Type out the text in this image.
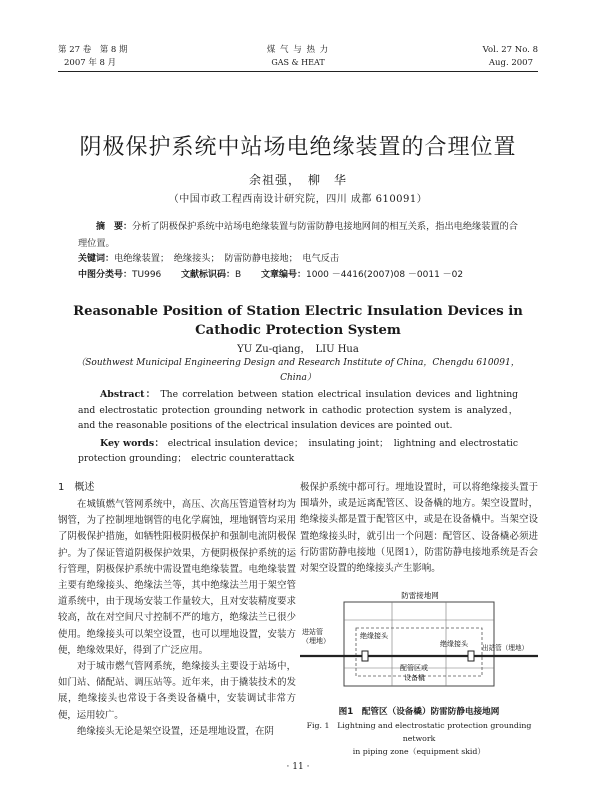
第 27 卷　第 8 期
2007 年 8 月
煤 气 与 热 力
GAS & HEAT
Vol. 27 No. 8
Aug. 2007
阴极保护系统中站场电绝缘装置的合理位置
余祖强，　柳　华
（中国市政工程西南设计研究院，四川 成都 610091）
摘　要：分析了阴极保护系统中站场电绝缘装置与防雷防静电接地网间的相互关系，指出电绝缘装置的合理位置。
关键词：电绝缘装置；　绝缘接头；　防雷防静电接地；　电气反击
中图分类号：TU996 文献标识码：B 文章编号：1000 －4416(2007)08 －0011 －02
Reasonable Position of Station Electric Insulation Devices in
Cathodic Protection System
YU Zu-qiang，　LIU Hua
（Southwest Municipal Engineering Design and Research Institute of China，Chengdu 610091，
China）
Abstract： The correlation between station electrical insulation devices and lightning and electrostatic protection grounding network in cathodic protection system is analyzed，and the reasonable positions of the electrical insulation devices are pointed out.
Key words： electrical insulation device；　insulating joint；　lightning and electrostatic protection grounding；　electric counterattack
1　概述

在城镇燃气管网系统中，高压、次高压管道管材均为钢管，为了控制埋地钢管的电化学腐蚀，埋地钢管均采用了阴极保护措施，如牺牲阳极阴极保护和强制电流阴极保护。为了保证管道阴极保护效果，方便阴极保护系统的运行管理，阴极保护系统中需设置电绝缘装置。电绝缘装置主要有绝缘接头、绝缘法兰等，其中绝缘法兰用于架空管道系统中，由于现场安装工作量较大，且对安装精度要求较高，故在对空间尺寸控制不严的地方，绝缘法兰已很少使用。绝缘接头可以架空设置，也可以埋地设置，安装方便，绝缘效果好，得到了广泛应用。

对于城市燃气管网系统，绝缘接头主要设于站场中，如门站、储配站、调压站等。近年来，由于撬装技术的发展，绝缘接头也常设于各类设备橇中，安装调试非常方便，运用较广。

绝缘接头无论是架空设置，还是埋地设置，在阴

极保护系统中都可行。埋地设置时，可以将绝缘接头置于围墙外，或是远离配管区、设备橇的地方。架空设置时，绝缘接头都是置于配管区中，或是在设备橇中。当架空设置绝缘接头时，就引出一个问题：配管区、设备橇必须进行防雷防静电接地（见图1），防雷防静电接地系统是否会对架空设置的绝缘接头产生影响。

防雷接地网
进站管
（埋地）
绝缘接头
配管区或
设备橇
绝缘接头 出站管（埋地）
图1　 配管区（设备橇）防雷防静电接地网
Fig. 1　Lightning and electrostatic protection grounding network
in piping zone（equipment skid）
· 11 ·
